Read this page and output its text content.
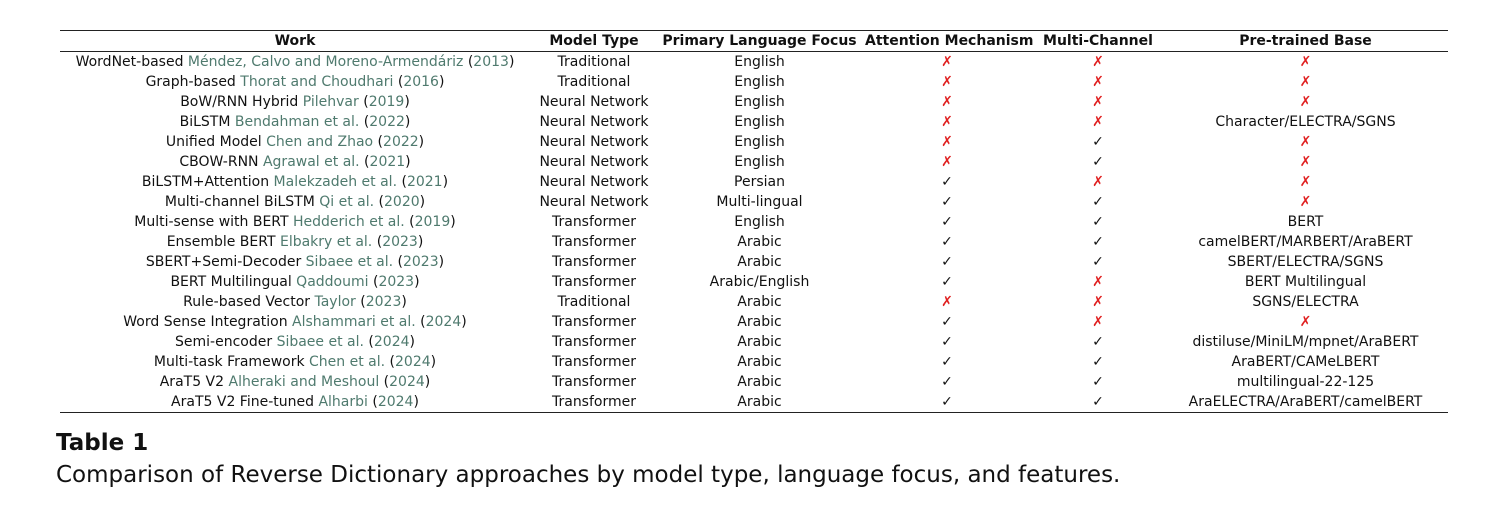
Work	Model Type	Primary Language Focus	Attention Mechanism	Multi-Channel	Pre-trained Base
WordNet-based Méndez, Calvo and Moreno-Armendáriz (2013)	Traditional	English	✗	✗	✗
Graph-based Thorat and Choudhari (2016)	Traditional	English	✗	✗	✗
BoW/RNN Hybrid Pilehvar (2019)	Neural Network	English	✗	✗	✗
BiLSTM Bendahman et al. (2022)	Neural Network	English	✗	✗	Character/ELECTRA/SGNS
Unified Model Chen and Zhao (2022)	Neural Network	English	✗	✓	✗
CBOW-RNN Agrawal et al. (2021)	Neural Network	English	✗	✓	✗
BiLSTM+Attention Malekzadeh et al. (2021)	Neural Network	Persian	✓	✗	✗
Multi-channel BiLSTM Qi et al. (2020)	Neural Network	Multi-lingual	✓	✓	✗
Multi-sense with BERT Hedderich et al. (2019)	Transformer	English	✓	✓	BERT
Ensemble BERT Elbakry et al. (2023)	Transformer	Arabic	✓	✓	camelBERT/MARBERT/AraBERT
SBERT+Semi-Decoder Sibaee et al. (2023)	Transformer	Arabic	✓	✓	SBERT/ELECTRA/SGNS
BERT Multilingual Qaddoumi (2023)	Transformer	Arabic/English	✓	✗	BERT Multilingual
Rule-based Vector Taylor (2023)	Traditional	Arabic	✗	✗	SGNS/ELECTRA
Word Sense Integration Alshammari et al. (2024)	Transformer	Arabic	✓	✗	✗
Semi-encoder Sibaee et al. (2024)	Transformer	Arabic	✓	✓	distiluse/MiniLM/mpnet/AraBERT
Multi-task Framework Chen et al. (2024)	Transformer	Arabic	✓	✓	AraBERT/CAMeLBERT
AraT5 V2 Alheraki and Meshoul (2024)	Transformer	Arabic	✓	✓	multilingual-22-125
AraT5 V2 Fine-tuned Alharbi (2024)	Transformer	Arabic	✓	✓	AraELECTRA/AraBERT/camelBERT

Table 1

Comparison of Reverse Dictionary approaches by model type, language focus, and features.
